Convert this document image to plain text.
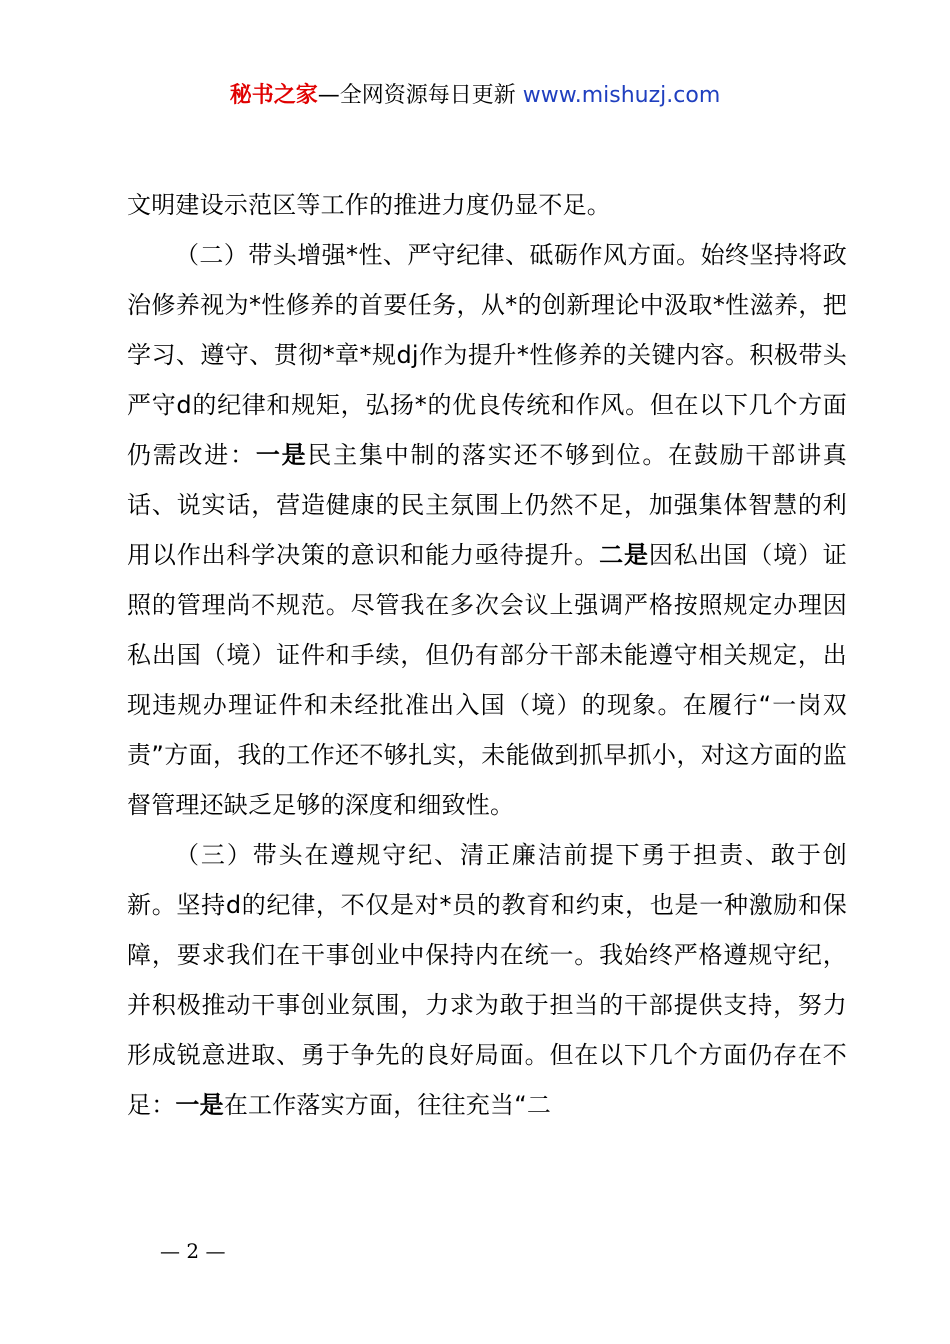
秘书之家—全网资源每日更新 www.mishuzj.com

文明建设示范区等工作的推进力度仍显不足。

（二）带头增强*性、严守纪律、砥砺作风方面。始终坚持将政治修养视为*性修养的首要任务，从*的创新理论中汲取*性滋养，把学习、遵守、贯彻*章*规dj作为提升*性修养的关键内容。积极带头严守d的纪律和规矩，弘扬*的优良传统和作风。但在以下几个方面仍需改进：一是民主集中制的落实还不够到位。在鼓励干部讲真话、说实话，营造健康的民主氛围上仍然不足，加强集体智慧的利用以作出科学决策的意识和能力亟待提升。二是因私出国（境）证照的管理尚不规范。尽管我在多次会议上强调严格按照规定办理因私出国（境）证件和手续，但仍有部分干部未能遵守相关规定，出现违规办理证件和未经批准出入国（境）的现象。在履行“一岗双责”方面，我的工作还不够扎实，未能做到抓早抓小，对这方面的监督管理还缺乏足够的深度和细致性。

（三）带头在遵规守纪、清正廉洁前提下勇于担责、敢于创新。坚持d的纪律，不仅是对*员的教育和约束，也是一种激励和保障，要求我们在干事创业中保持内在统一。我始终严格遵规守纪，并积极推动干事创业氛围，力求为敢于担当的干部提供支持，努力形成锐意进取、勇于争先的良好局面。但在以下几个方面仍存在不足：一是在工作落实方面，往往充当“二

— 2 —
